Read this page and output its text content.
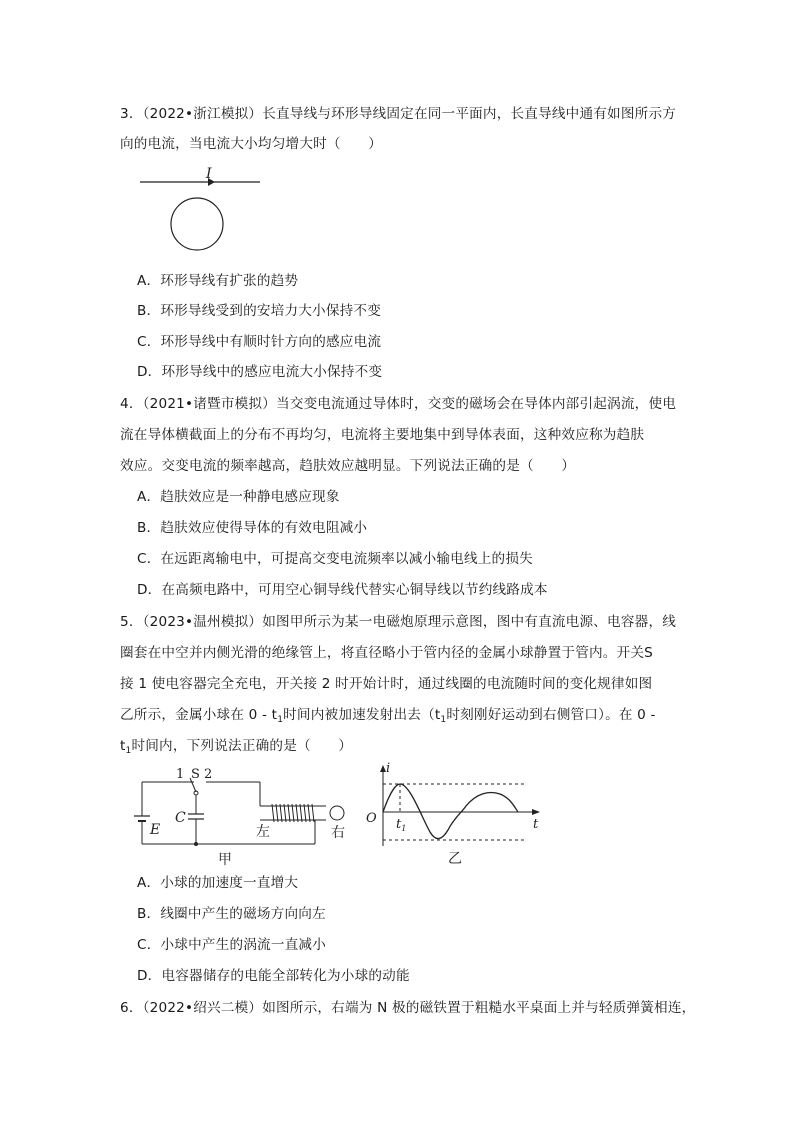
3．（2022•浙江模拟）长直导线与环形导线固定在同一平面内，长直导线中通有如图所示方
向的电流，当电流大小均匀增大时（　　）
I
A．环形导线有扩张的趋势
B．环形导线受到的安培力大小保持不变
C．环形导线中有顺时针方向的感应电流
D．环形导线中的感应电流大小保持不变
4．（2021•诸暨市模拟）当交变电流通过导体时，交变的磁场会在导体内部引起涡流，使电
流在导体横截面上的分布不再均匀，电流将主要地集中到导体表面，这种效应称为趋肤
效应。交变电流的频率越高，趋肤效应越明显。下列说法正确的是（　　）
A．趋肤效应是一种静电感应现象
B．趋肤效应使得导体的有效电阻减小
C．在远距离输电中，可提高交变电流频率以减小输电线上的损失
D．在高频电路中，可用空心铜导线代替实心铜导线以节约线路成本
5．（2023•温州模拟）如图甲所示为某一电磁炮原理示意图，图中有直流电源、电容器，线
圈套在中空并内侧光滑的绝缘管上，将直径略小于管内径的金属小球静置于管内。开关S
接 1 使电容器完全充电，开关接 2 时开始计时，通过线圈的电流随时间的变化规律如图
乙所示，金属小球在 $0 - t_1$时间内被加速发射出去（$t_1$时刻刚好运动到右侧管口）。在 0 -
$t_1$时间内，下列说法正确的是（　　）
1 S 2
E
C
左	右
甲
i
O $t_1$	t
乙
A．小球的加速度一直增大
B．线圈中产生的磁场方向向左
C．小球中产生的涡流一直减小
D．电容器储存的电能全部转化为小球的动能
6．（2022•绍兴二模）如图所示，右端为 N 极的磁铁置于粗糙水平桌面上并与轻质弹簧相连，
